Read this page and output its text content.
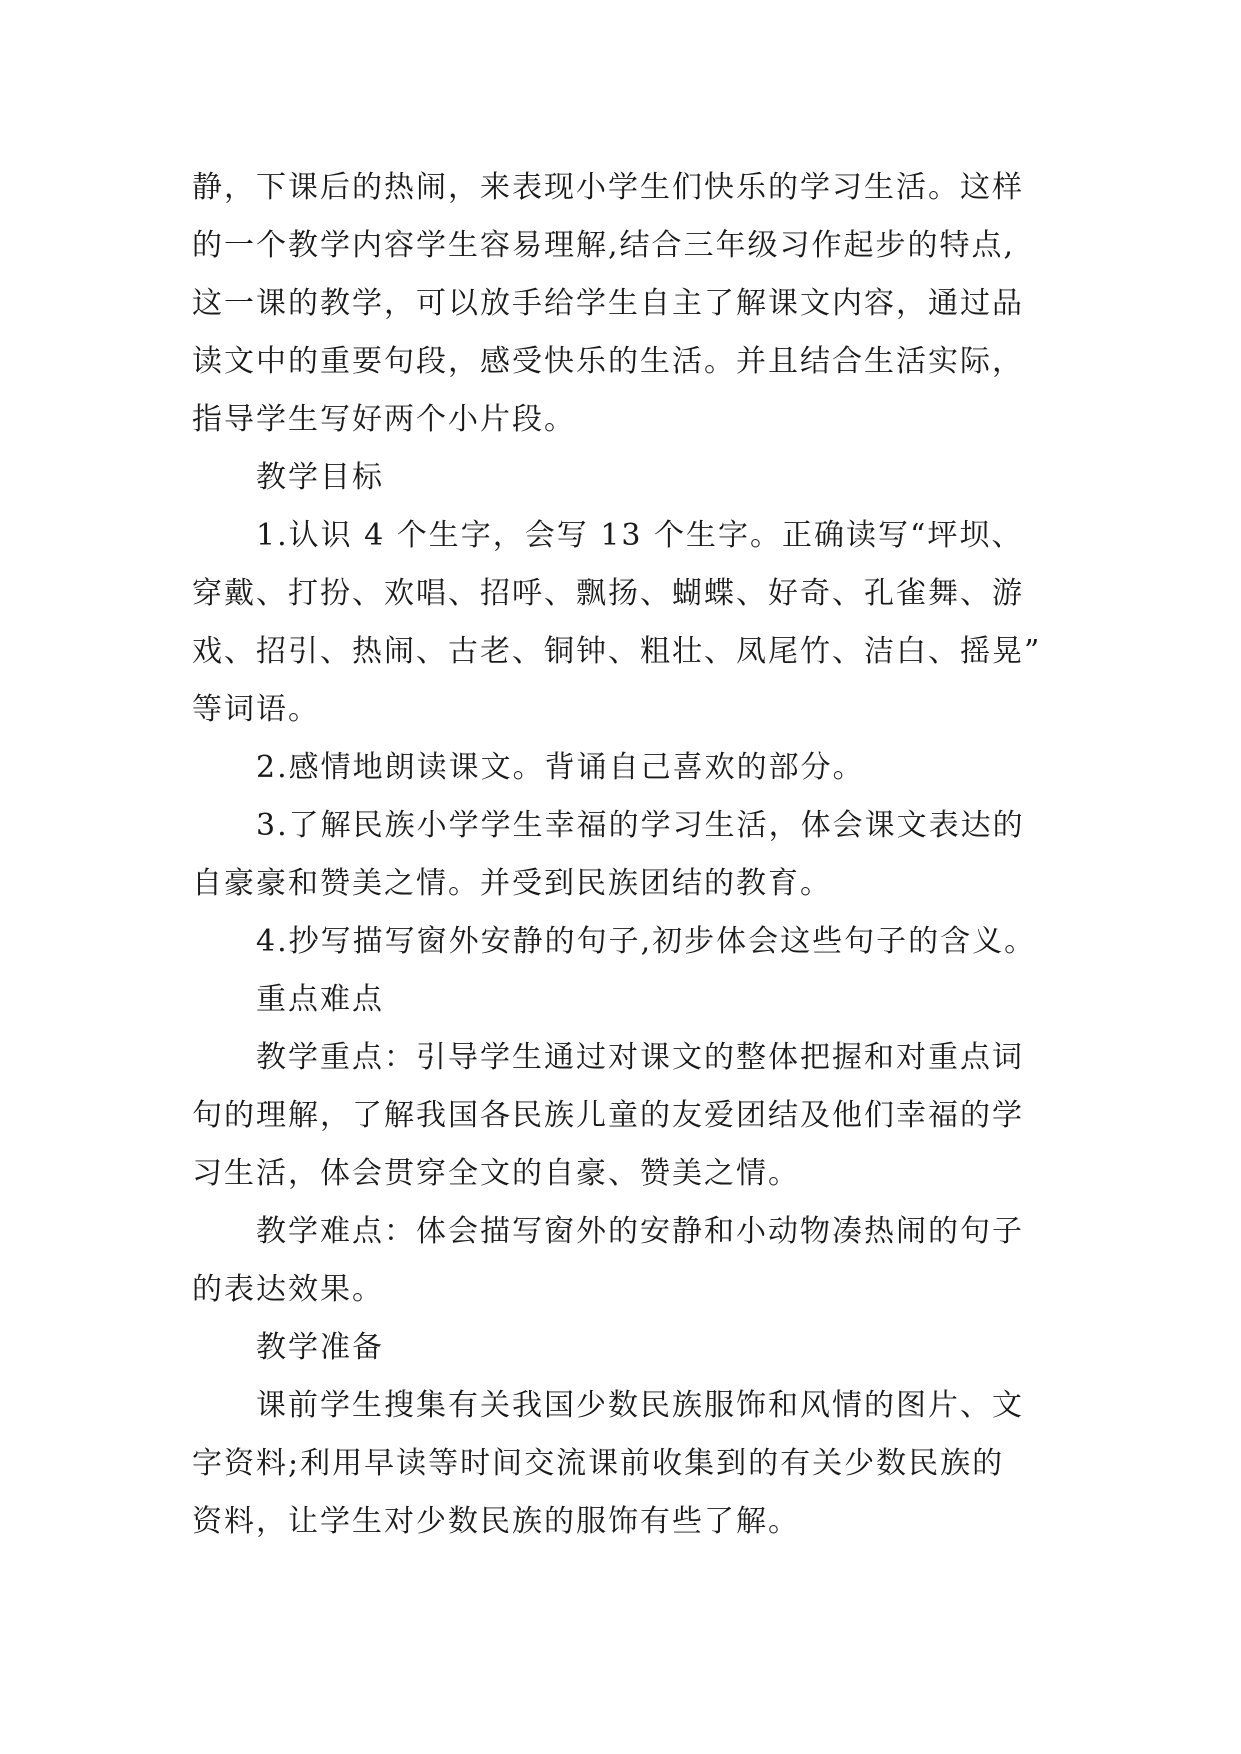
静，下课后的热闹，来表现小学生们快乐的学习生活。这样
的一个教学内容学生容易理解,结合三年级习作起步的特点,
这一课的教学，可以放手给学生自主了解课文内容，通过品
读文中的重要句段，感受快乐的生活。并且结合生活实际，
指导学生写好两个小片段。
教学目标
1.认识 4 个生字，会写 13 个生字。正确读写“坪坝、
穿戴、打扮、欢唱、招呼、飘扬、蝴蝶、好奇、孔雀舞、游
戏、招引、热闹、古老、铜钟、粗壮、凤尾竹、洁白、摇晃”
等词语。
2.感情地朗读课文。背诵自己喜欢的部分。
3.了解民族小学学生幸福的学习生活，体会课文表达的
自豪豪和赞美之情。并受到民族团结的教育。
4.抄写描写窗外安静的句子,初步体会这些句子的含义。
重点难点
教学重点：引导学生通过对课文的整体把握和对重点词
句的理解，了解我国各民族儿童的友爱团结及他们幸福的学
习生活，体会贯穿全文的自豪、赞美之情。
教学难点：体会描写窗外的安静和小动物凑热闹的句子
的表达效果。
教学准备
课前学生搜集有关我国少数民族服饰和风情的图片、文
字资料;利用早读等时间交流课前收集到的有关少数民族的
资料，让学生对少数民族的服饰有些了解。
